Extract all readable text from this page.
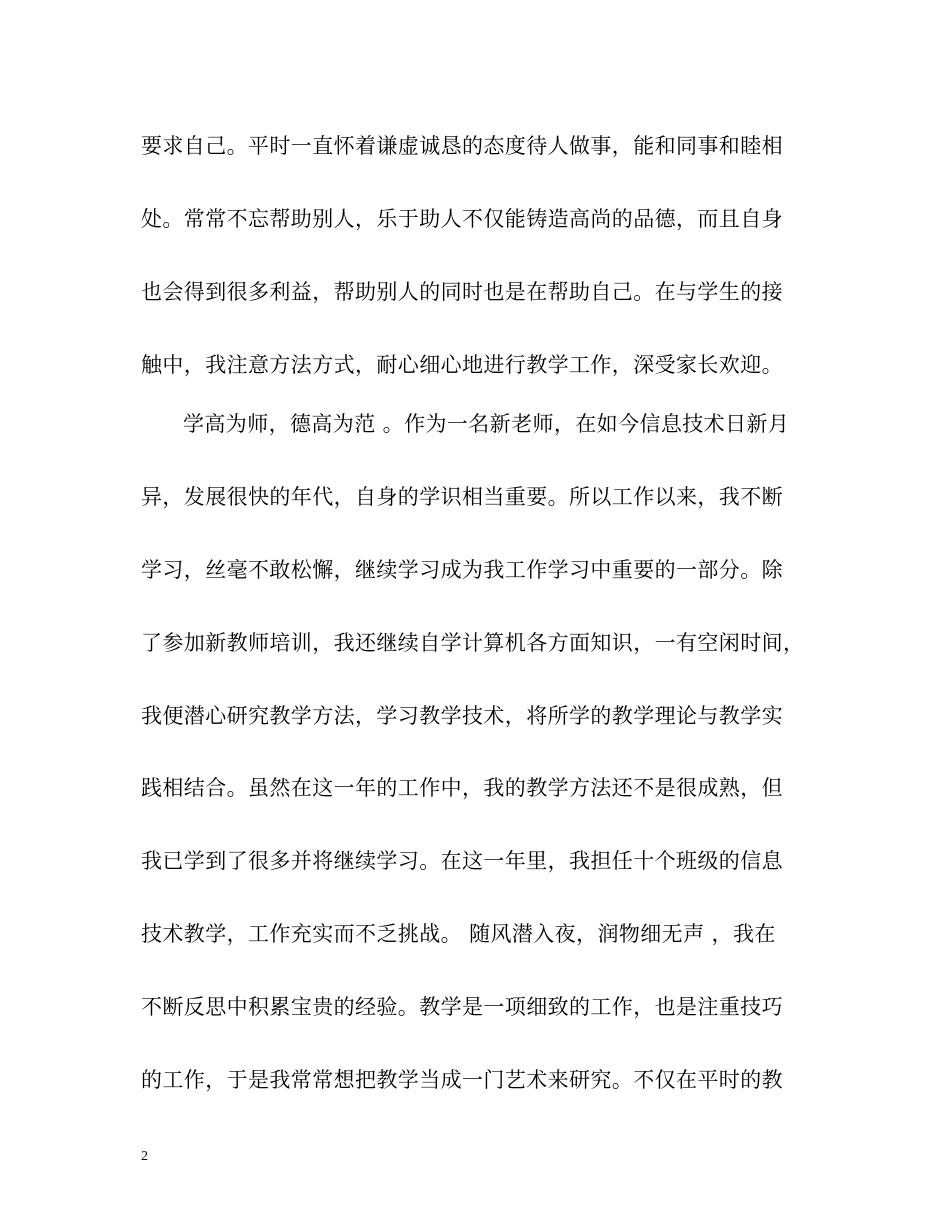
要求自己。平时一直怀着谦虚诚恳的态度待人做事，能和同事和睦相
处。常常不忘帮助别人，乐于助人不仅能铸造高尚的品德，而且自身
也会得到很多利益，帮助别人的同时也是在帮助自己。在与学生的接
触中，我注意方法方式，耐心细心地进行教学工作，深受家长欢迎。
学高为师，德高为范 。作为一名新老师，在如今信息技术日新月
异，发展很快的年代，自身的学识相当重要。所以工作以来，我不断
学习，丝毫不敢松懈，继续学习成为我工作学习中重要的一部分。除
了参加新教师培训，我还继续自学计算机各方面知识，一有空闲时间，
我便潜心研究教学方法，学习教学技术，将所学的教学理论与教学实
践相结合。虽然在这一年的工作中，我的教学方法还不是很成熟，但
我已学到了很多并将继续学习。在这一年里，我担任十个班级的信息
技术教学，工作充实而不乏挑战。 随风潜入夜，润物细无声 ，我在
不断反思中积累宝贵的经验。教学是一项细致的工作，也是注重技巧
的工作，于是我常常想把教学当成一门艺术来研究。不仅在平时的教
2
